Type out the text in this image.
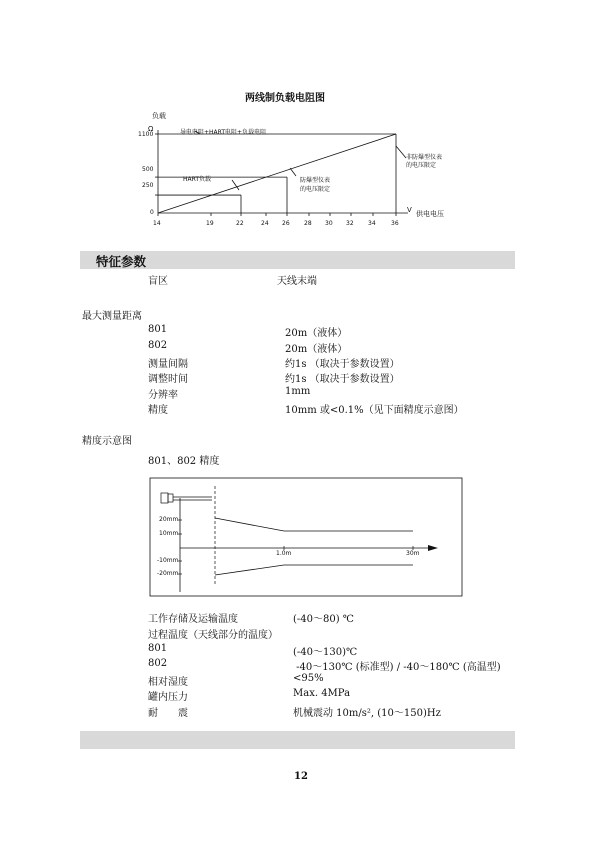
两线制负载电阻图
负载
Ω
1100
500
250
0
导电电阻+HART电阻+负载电阻
HART负载	防爆型仪表
的电压限定
非防爆型仪表
的电压限定
14	19	22	24 26 28 30 32 34	36
V 供电电压
特征参数
盲区	天线末端
最大测量距离
801	20m（液体）
802	20m（液体）
测量间隔	约1s （取决于参数设置）
调整时间	约1s （取决于参数设置）
分辨率	1mm
精度	10mm 或<0.1%（见下面精度示意图）
精度示意图
801、802 精度
20mm
10mm
-10mm
-20mm
1.0m	30m
工作存储及运输温度	(-40～80) ℃
过程温度（天线部分的温度）
801	(-40～130)℃
802	-40～130℃ (标准型) / -40～180℃ (高温型)
相对湿度	<95%
罐内压力	Max. 4MPa
耐　　震	机械震动 10m/s², (10～150)Hz
12
